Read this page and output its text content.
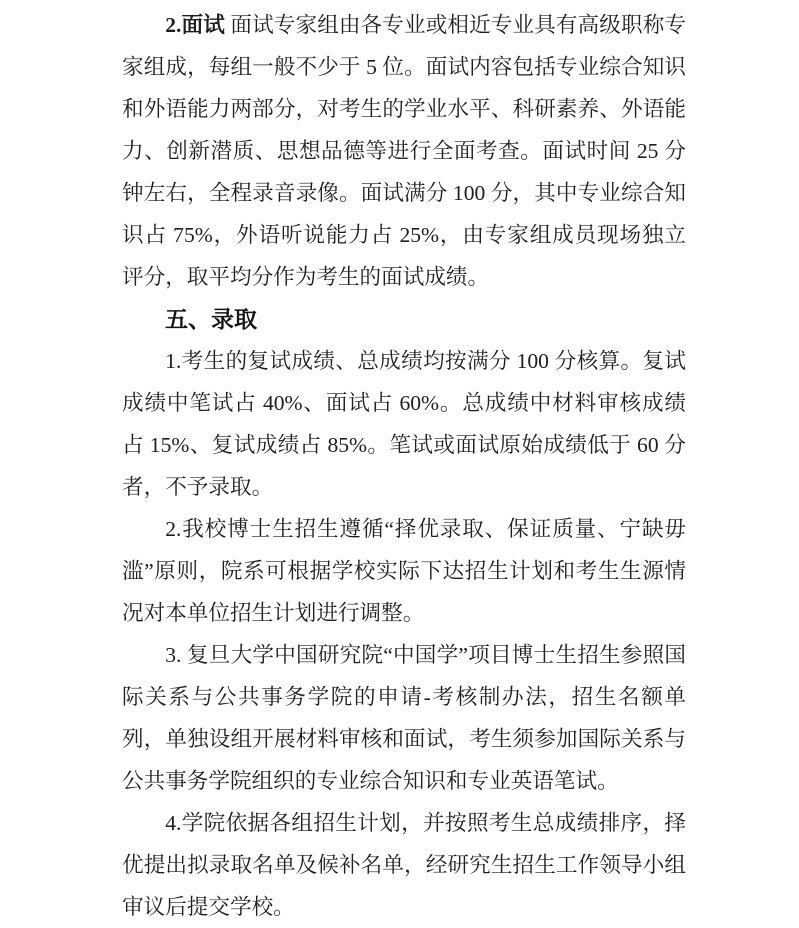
2.面试 面试专家组由各专业或相近专业具有高级职称专家组成，每组一般不少于 5 位。面试内容包括专业综合知识和外语能力两部分，对考生的学业水平、科研素养、外语能力、创新潜质、思想品德等进行全面考查。面试时间 25 分钟左右，全程录音录像。面试满分 100 分，其中专业综合知识占 75%，外语听说能力占 25%，由专家组成员现场独立评分，取平均分作为考生的面试成绩。

五、录取

1.考生的复试成绩、总成绩均按满分 100 分核算。复试成绩中笔试占 40%、面试占 60%。总成绩中材料审核成绩占 15%、复试成绩占 85%。笔试或面试原始成绩低于 60 分者，不予录取。

2.我校博士生招生遵循“择优录取、保证质量、宁缺毋滥”原则，院系可根据学校实际下达招生计划和考生生源情况对本单位招生计划进行调整。

3. 复旦大学中国研究院“中国学”项目博士生招生参照国际关系与公共事务学院的申请-考核制办法，招生名额单列，单独设组开展材料审核和面试，考生须参加国际关系与公共事务学院组织的专业综合知识和专业英语笔试。

4.学院依据各组招生计划，并按照考生总成绩排序，择优提出拟录取名单及候补名单，经研究生招生工作领导小组审议后提交学校。
